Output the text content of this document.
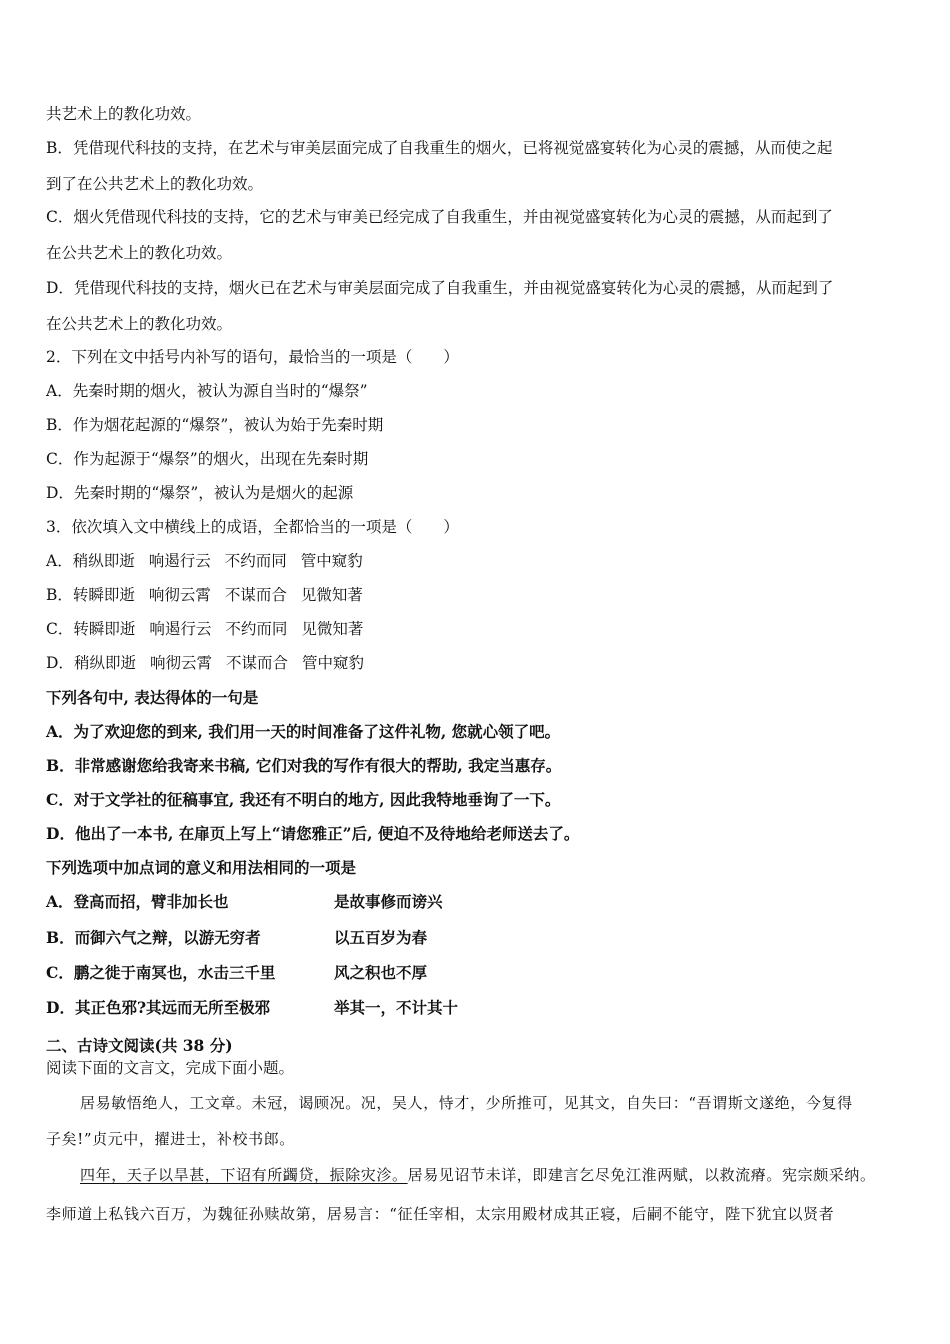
共艺术上的教化功效。
B．凭借现代科技的支持，在艺术与审美层面完成了自我重生的烟火，已将视觉盛宴转化为心灵的震撼，从而使之起
到了在公共艺术上的教化功效。
C．烟火凭借现代科技的支持，它的艺术与审美已经完成了自我重生，并由视觉盛宴转化为心灵的震撼，从而起到了
在公共艺术上的教化功效。
D．凭借现代科技的支持，烟火已在艺术与审美层面完成了自我重生，并由视觉盛宴转化为心灵的震撼，从而起到了
在公共艺术上的教化功效。
2．下列在文中括号内补写的语句，最恰当的一项是（　　）
A．先秦时期的烟火，被认为源自当时的“爆祭”
B．作为烟花起源的“爆祭”，被认为始于先秦时期
C．作为起源于“爆祭”的烟火，出现在先秦时期
D．先秦时期的“爆祭”，被认为是烟火的起源
3．依次填入文中横线上的成语，全都恰当的一项是（　　）
A．稍纵即逝 响遏行云 不约而同 管中窥豹
B．转瞬即逝 响彻云霄 不谋而合 见微知著
C．转瞬即逝 响遏行云 不约而同 见微知著
D．稍纵即逝 响彻云霄 不谋而合 管中窥豹
下列各句中, 表达得体的一句是
A．为了欢迎您的到来, 我们用一天的时间准备了这件礼物, 您就心领了吧。
B．非常感谢您给我寄来书稿, 它们对我的写作有很大的帮助, 我定当惠存。
C．对于文学社的征稿事宜, 我还有不明白的地方, 因此我特地垂询了一下。
D．他出了一本书, 在扉页上写上“请您雅正”后, 便迫不及待地给老师送去了。
下列选项中加点词的意义和用法相同的一项是
A．登高而招，臂非加长也	是故事修而谤兴
B．而御六气之辩，以游无穷者	以五百岁为春
C．鹏之徙于南冥也，水击三千里	风之积也不厚
D．其正色邪?其远而无所至极邪	举其一，不计其十
二、古诗文阅读(共 38 分)
阅读下面的文言文，完成下面小题。
居易敏悟绝人，工文章。未冠，谒顾况。况，吴人，恃才，少所推可，见其文，自失曰：“吾谓斯文遂绝，今复得
子矣!”贞元中，擢进士，补校书郎。
四年，天子以旱甚，下诏有所蠲贷，振除灾沴。居易见诏节未详，即建言乞尽免江淮两赋，以救流瘠。宪宗颇采纳。
李师道上私钱六百万，为魏征孙赎故第，居易言：“征任宰相，太宗用殿材成其正寝，后嗣不能守，陛下犹宜以贤者
